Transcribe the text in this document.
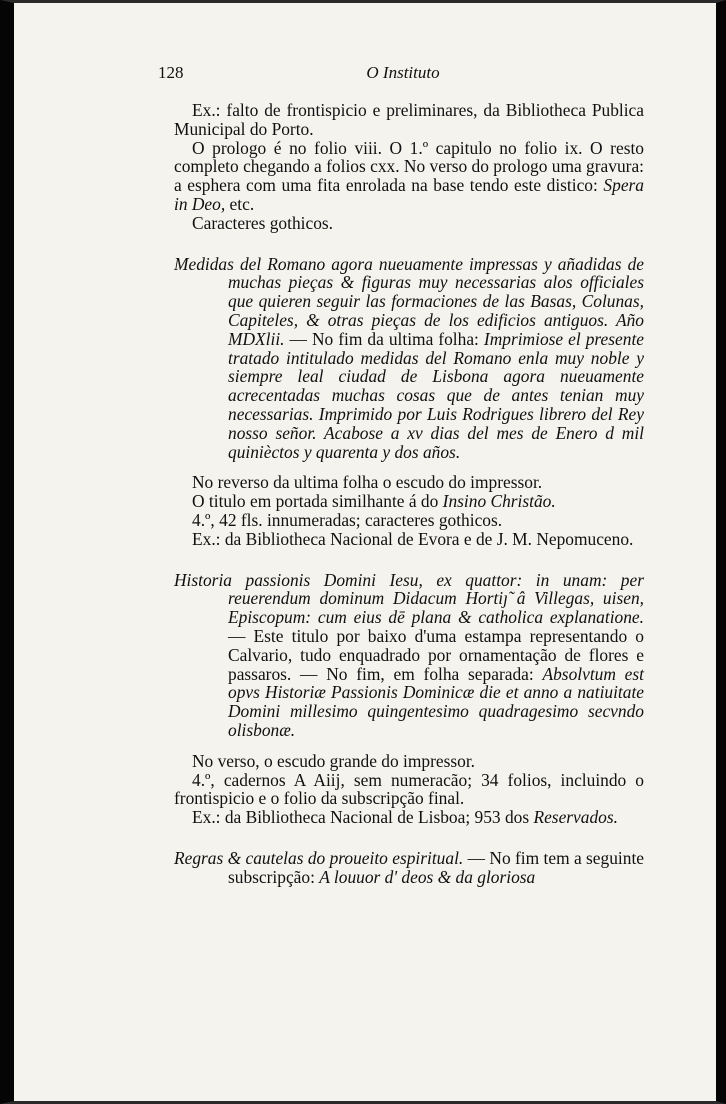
128	O Instituto

Ex.: falto de frontispicio e preliminares, da Bibliotheca Publica Municipal do Porto.

O prologo é no folio viii. O 1.º capitulo no folio ix. O resto completo chegando a folios cxx. No verso do prologo uma gravura: a esphera com uma fita enrolada na base tendo este distico: Spera in Deo, etc.

Caracteres gothicos.

Medidas del Romano agora nueuamente impressas y añadidas de muchas piеças & figuras muy necessarias alos officiales que quieren seguir las formaciones de las Basas, Colunas, Capiteles, & otras piеças de los edificios antiguos. Año MDXlii. — No fim da ultima folha: Imprimiose el presente tratado intitulado medidas del Romano enla muy noble y siempre leal ciudad de Lisbona agora nueuamente acrecentadas muchas cosas que de antes tenian muy necessarias. Imprimido por Luis Rodrigues librero del Rey nosso señor. Acabose a xv dias del mes de Enero d mil quinièctos y quarenta y dos años.

No reverso da ultima folha o escudo do impressor.

O titulo em portada similhante á do Insino Christão.

4.º, 42 fls. innumeradas; caracteres gothicos.

Ex.: da Bibliotheca Nacional de Evora e de J. M. Nepomuceno.

Historia passionis Domini Iesu, ex quattor: in unam: per reuerendum dominum Didacum Hortiȷ̃ â Villegas, uisen, Episcopum: cum eius dē plana & catholica explanatione. — Este titulo por baixo d'uma estampa representando o Calvario, tudo enquadrado por ornamentação de flores e passaros. — No fim, em folha separada: Absolvtum est opvs Historiæ Passionis Dominicæ die et anno a natiuitate Domini millesimo quingentesimo quadragesimo secvndo olisbonæ.

No verso, o escudo grande do impressor.

4.º, cadernos A Aiij, sem numeracão; 34 folios, incluindo o frontispicio e o folio da subscripção final.

Ex.: da Bibliotheca Nacional de Lisboa; 953 dos Reservados.

Regras & cautelas do proueito espiritual. — No fim tem a seguinte subscripção: A louuor d' deos & da gloriosa
